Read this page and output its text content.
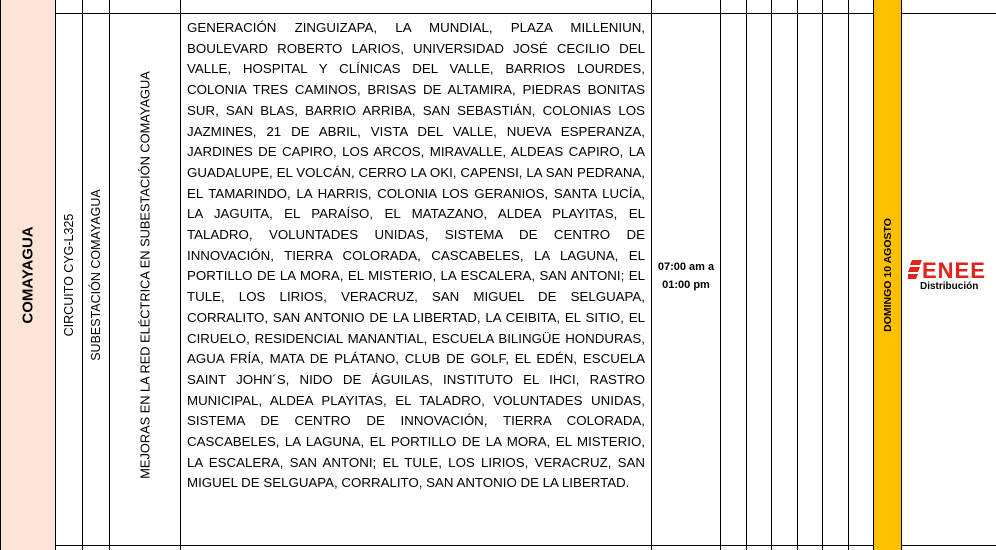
COMAYAGUA CIRCUITO CYG-L325 SUBESTACIÓN COMAYAGUA	MEJORAS EN LA RED ELÉCTRICA EN SUBESTACIÓN COMAYAGUA
GENERACIÓN ZINGUIZAPA, LA MUNDIAL, PLAZA MILLENIUN, BOULEVARD ROBERTO LARIOS, UNIVERSIDAD JOSÉ CECILIO DEL VALLE, HOSPITAL Y CLÍNICAS DEL VALLE, BARRIOS LOURDES, COLONIA TRES CAMINOS, BRISAS DE ALTAMIRA, PIEDRAS BONITAS SUR, SAN BLAS, BARRIO ARRIBA, SAN SEBASTIÁN, COLONIAS LOS JAZMINES, 21 DE ABRIL, VISTA DEL VALLE, NUEVA ESPERANZA, JARDINES DE CAPIRO, LOS ARCOS, MIRAVALLE, ALDEAS CAPIRO, LA GUADALUPE, EL VOLCÁN, CERRO LA OKI, CAPENSI, LA SAN PEDRANA, EL TAMARINDO, LA HARRIS, COLONIA LOS GERANIOS, SANTA LUCÍA, LA JAGUITA, EL PARAÍSO, EL MATAZANO, ALDEA PLAYITAS, EL TALADRO, VOLUNTADES UNIDAS, SISTEMA DE CENTRO DE INNOVACIÓN, TIERRA COLORADA, CASCABELES, LA LAGUNA, EL PORTILLO DE LA MORA, EL MISTERIO, LA ESCALERA, SAN ANTONI; EL TULE, LOS LIRIOS, VERACRUZ, SAN MIGUEL DE SELGUAPA, CORRALITO, SAN ANTONIO DE LA LIBERTAD, LA CEIBITA, EL SITIO, EL CIRUELO, RESIDENCIAL MANANTIAL, ESCUELA BILINGÜE HONDURAS, AGUA FRÍA, MATA DE PLÁTANO, CLUB DE GOLF, EL EDÉN, ESCUELA SAINT JOHN´S, NIDO DE ÁGUILAS, INSTITUTO EL IHCI, RASTRO MUNICIPAL, ALDEA PLAYITAS, EL TALADRO, VOLUNTADES UNIDAS, SISTEMA DE CENTRO DE INNOVACIÓN, TIERRA COLORADA, CASCABELES, LA LAGUNA, EL PORTILLO DE LA MORA, EL MISTERIO, LA ESCALERA, SAN ANTONI; EL TULE, LOS LIRIOS, VERACRUZ, SAN MIGUEL DE SELGUAPA, CORRALITO, SAN ANTONIO DE LA LIBERTAD.
07:00 am a
01:00 pm	DOMINGO 10 AGOSTO ENEE
Distribución
